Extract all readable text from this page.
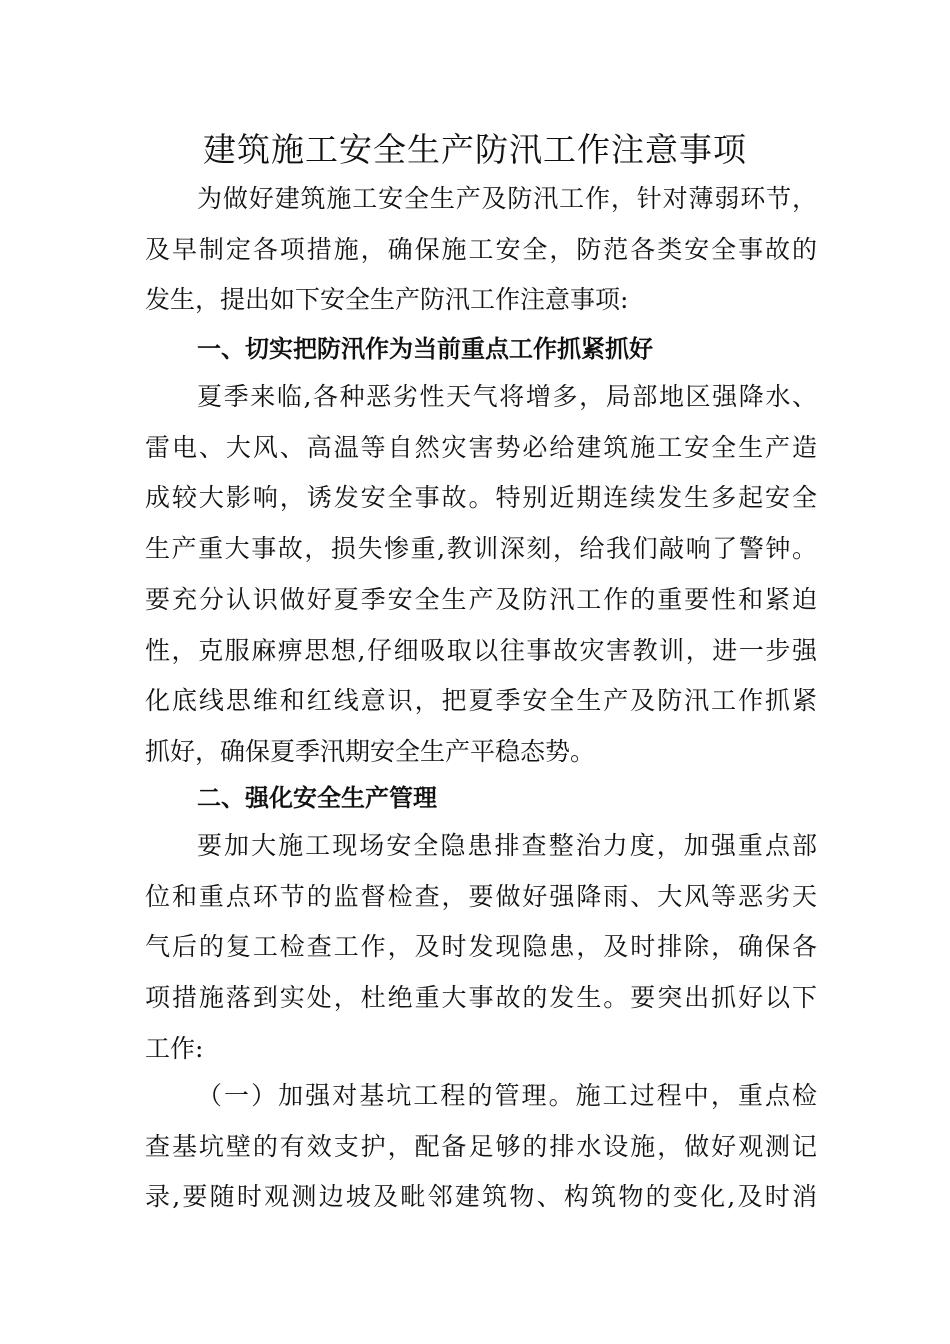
建筑施工安全生产防汛工作注意事项
为做好建筑施工安全生产及防汛工作，针对薄弱环节，
及早制定各项措施，确保施工安全，防范各类安全事故的
发生，提出如下安全生产防汛工作注意事项:
一、切实把防汛作为当前重点工作抓紧抓好
夏季来临,各种恶劣性天气将增多，局部地区强降水、
雷电、大风、高温等自然灾害势必给建筑施工安全生产造
成较大影响，诱发安全事故。特别近期连续发生多起安全
生产重大事故，损失惨重,教训深刻，给我们敲响了警钟。
要充分认识做好夏季安全生产及防汛工作的重要性和紧迫
性，克服麻痹思想,仔细吸取以往事故灾害教训，进一步强
化底线思维和红线意识，把夏季安全生产及防汛工作抓紧
抓好，确保夏季汛期安全生产平稳态势。
二、强化安全生产管理
要加大施工现场安全隐患排查整治力度，加强重点部
位和重点环节的监督检查，要做好强降雨、大风等恶劣天
气后的复工检查工作，及时发现隐患，及时排除，确保各
项措施落到实处，杜绝重大事故的发生。要突出抓好以下
工作:
（一）加强对基坑工程的管理。施工过程中，重点检
查基坑壁的有效支护，配备足够的排水设施，做好观测记
录,要随时观测边坡及毗邻建筑物、构筑物的变化,及时消
